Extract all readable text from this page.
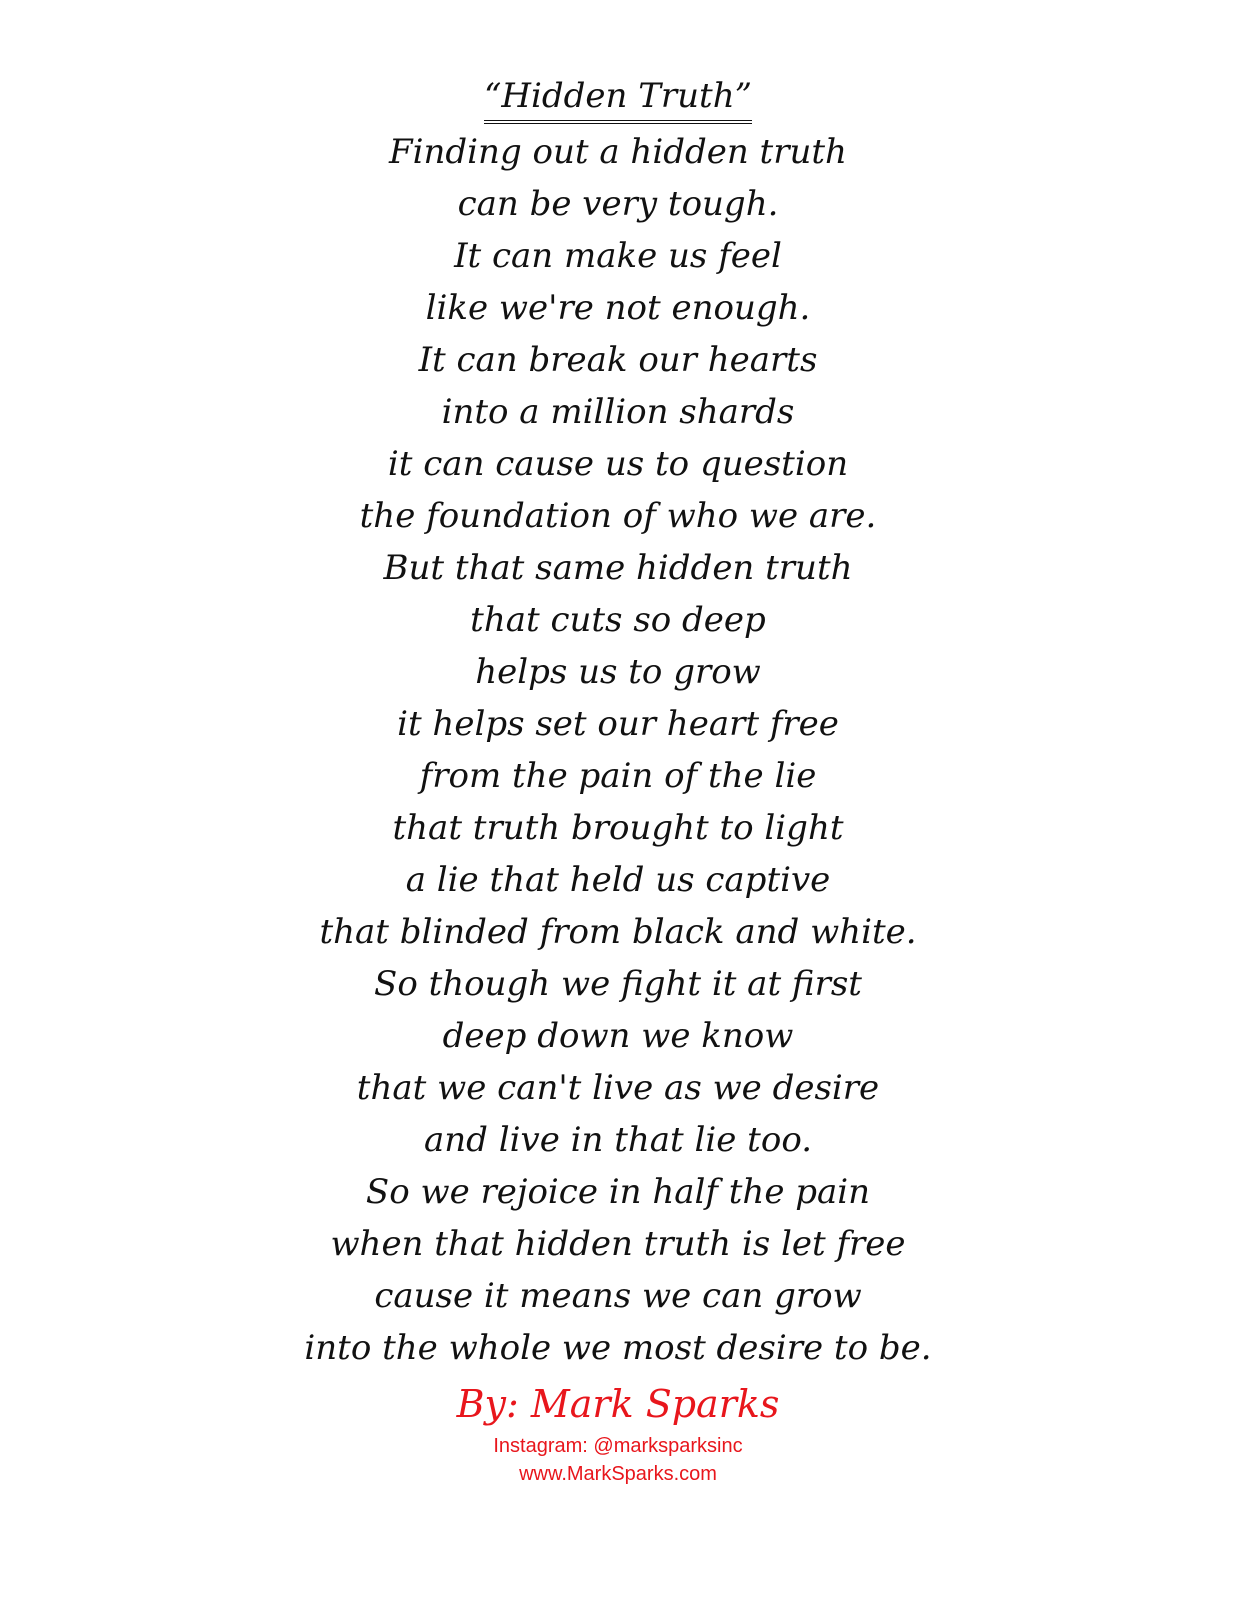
“Hidden Truth”
Finding out a hidden truth
can be very tough.
It can make us feel
like we're not enough.
It can break our hearts
into a million shards
it can cause us to question
the foundation of who we are.
But that same hidden truth
that cuts so deep
helps us to grow
it helps set our heart free
from the pain of the lie
that truth brought to light
a lie that held us captive
that blinded from black and white.
So though we fight it at first
deep down we know
that we can't live as we desire
and live in that lie too.
So we rejoice in half the pain
when that hidden truth is let free
cause it means we can grow
into the whole we most desire to be.
By: Mark Sparks
Instagram: @marksparksinc
www.MarkSparks.com
